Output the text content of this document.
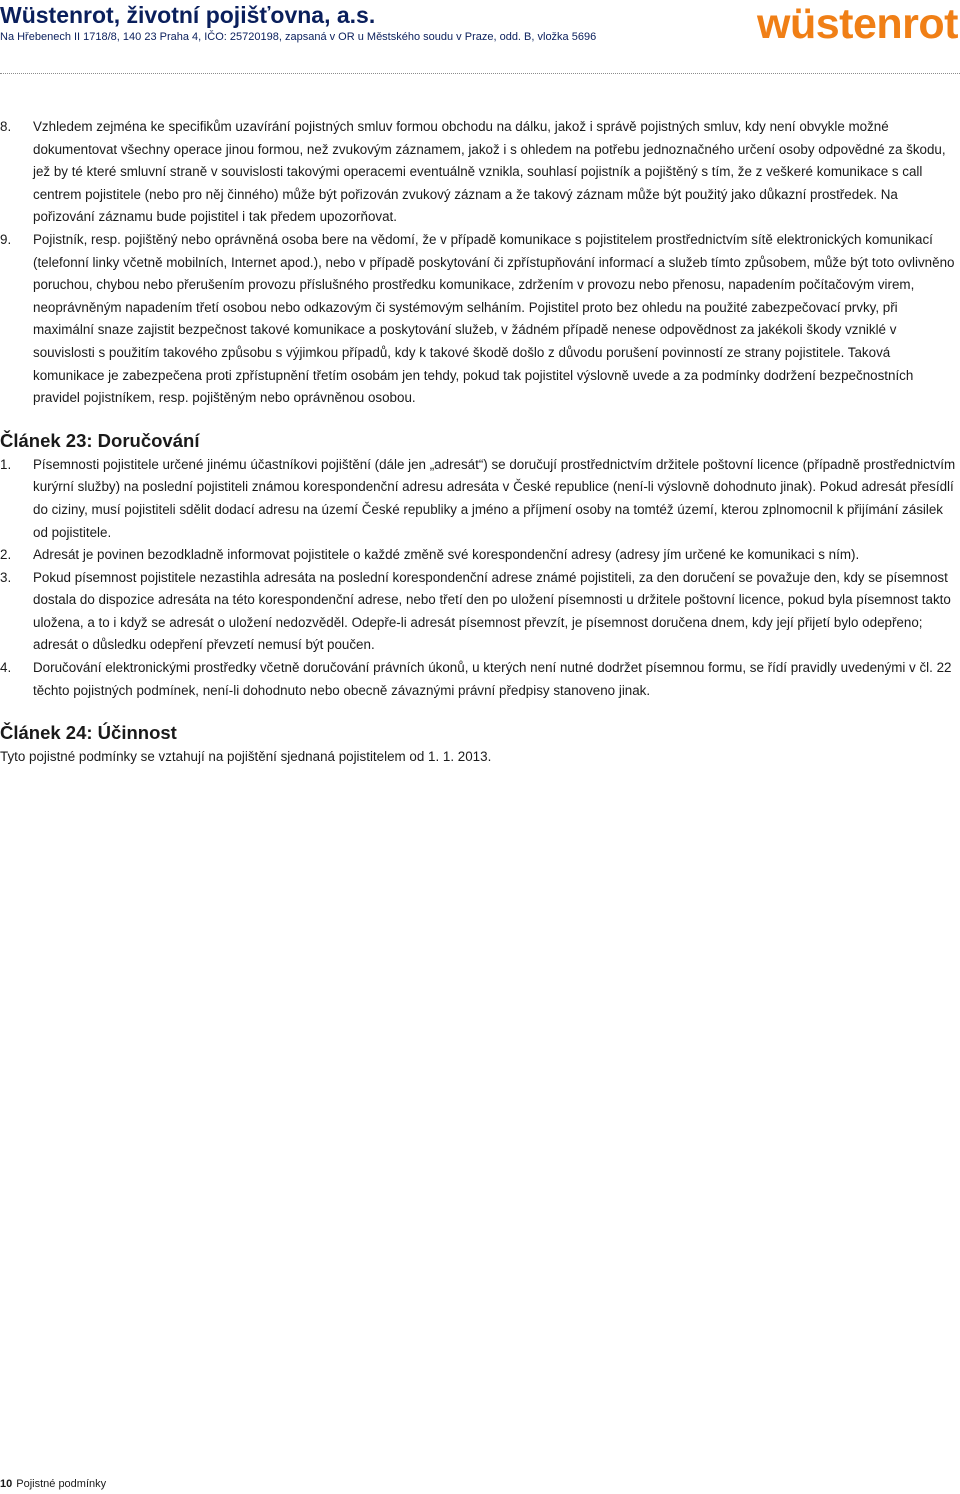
Wüstenrot, životní pojišťovna, a.s.
Na Hřebenech II 1718/8, 140 23 Praha 4, IČO: 25720198, zapsaná v OR u Městského soudu v Praze, odd. B, vložka 5696	wüstenrot
8. Vzhledem zejména ke specifikům uzavírání pojistných smluv formou obchodu na dálku, jakož i správě pojistných smluv, kdy není obvykle možné dokumentovat všechny operace jinou formou, než zvukovým záznamem, jakož i s ohledem na potřebu jednoznačného určení osoby odpovědné za škodu, jež by té které smluvní straně v souvislosti takovými operacemi eventuálně vznikla, souhlasí pojistník a pojištěný s tím, že z veškeré komunikace s call centrem pojistitele (nebo pro něj činného) může být pořizován zvukový záznam a že takový záznam může být použitý jako důkazní prostředek. Na pořizování záznamu bude pojistitel i tak předem upozorňovat.
9. Pojistník, resp. pojištěný nebo oprávněná osoba bere na vědomí, že v případě komunikace s pojistitelem prostřednictvím sítě elektronických komunikací (telefonní linky včetně mobilních, Internet apod.), nebo v případě poskytování či zpřístupňování informací a služeb tímto způsobem, může být toto ovlivněno poruchou, chybou nebo přerušením provozu příslušného prostředku komunikace, zdržením v provozu nebo přenosu, napadením počítačovým virem, neoprávněným napadením třetí osobou nebo odkazovým či systémovým selháním. Pojistitel proto bez ohledu na použité zabezpečovací prvky, při maximální snaze zajistit bezpečnost takové komunikace a poskytování služeb, v žádném případě nenese odpovědnost za jakékoli škody vzniklé v souvislosti s použitím takového způsobu s výjimkou případů, kdy k takové škodě došlo z důvodu porušení povinností ze strany pojistitele. Taková komunikace je zabezpečena proti zpřístupnění třetím osobám jen tehdy, pokud tak pojistitel výslovně uvede a za podmínky dodržení bezpečnostních pravidel pojistníkem, resp. pojištěným nebo oprávněnou osobou.
Článek 23: Doručování
1. Písemnosti pojistitele určené jinému účastníkovi pojištění (dále jen „adresát“) se doručují prostřednictvím držitele poštovní licence (případně prostřednictvím kurýrní služby) na poslední pojistiteli známou korespondenční adresu adresáta v České republice (není-li výslovně dohodnuto jinak). Pokud adresát přesídlí do ciziny, musí pojistiteli sdělit dodací adresu na území České republiky a jméno a příjmení osoby na tomtéž území, kterou zplnomocnil k přijímání zásilek od pojistitele.
2. Adresát je povinen bezodkladně informovat pojistitele o každé změně své korespondenční adresy (adresy jím určené ke komunikaci s ním).
3. Pokud písemnost pojistitele nezastihla adresáta na poslední korespondenční adrese známé pojistiteli, za den doručení se považuje den, kdy se písemnost dostala do dispozice adresáta na této korespondenční adrese, nebo třetí den po uložení písemnosti u držitele poštovní licence, pokud byla písemnost takto uložena, a to i když se adresát o uložení nedozvěděl. Odepře-li adresát písemnost převzít, je písemnost doručena dnem, kdy její přijetí bylo odepřeno; adresát o důsledku odepření převzetí nemusí být poučen.
4. Doručování elektronickými prostředky včetně doručování právních úkonů, u kterých není nutné dodržet písemnou formu, se řídí pravidly uvedenými v čl. 22 těchto pojistných podmínek, není-li dohodnuto nebo obecně závaznými právní předpisy stanoveno jinak.
Článek 24: Účinnost
Tyto pojistné podmínky se vztahují na pojištění sjednaná pojistitelem od 1. 1. 2013.
10 Pojistné podmínky
